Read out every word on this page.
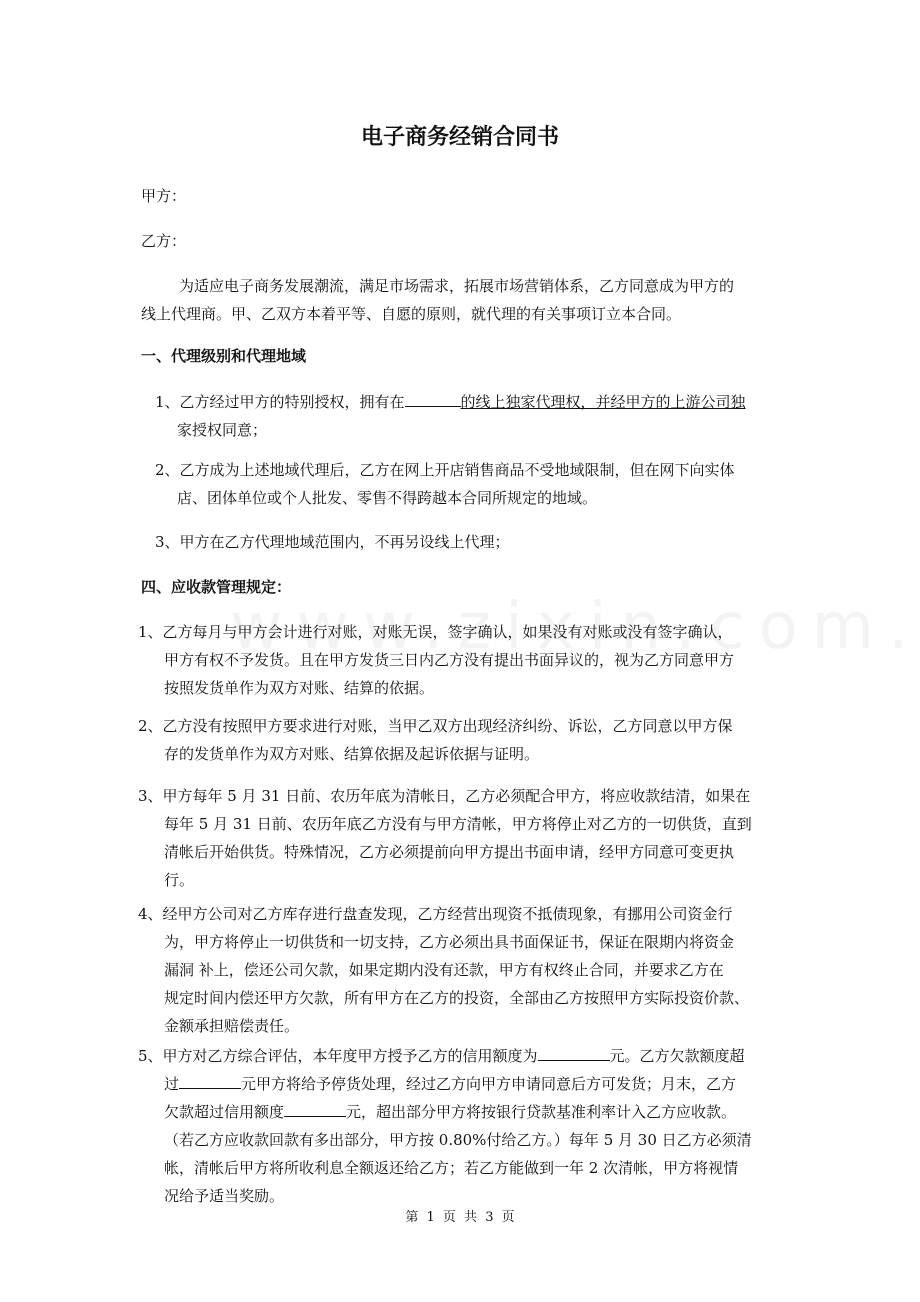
电子商务经销合同书
甲方：
乙方：
为适应电子商务发展潮流，满足市场需求，拓展市场营销体系，乙方同意成为甲方的
线上代理商。甲、乙双方本着平等、自愿的原则，就代理的有关事项订立本合同。
一、代理级别和代理地域
1、乙方经过甲方的特别授权，拥有在	的线上独家代理权，并经甲方的上游公司独
家授权同意；
2、乙方成为上述地域代理后，乙方在网上开店销售商品不受地域限制，但在网下向实体
店、团体单位或个人批发、零售不得跨越本合同所规定的地域。
3、甲方在乙方代理地域范围内，不再另设线上代理；
四、应收款管理规定：
1、乙方每月与甲方会计进行对账，对账无误，签字确认，如果没有对账或没有签字确认，
甲方有权不予发货。且在甲方发货三日内乙方没有提出书面异议的，视为乙方同意甲方
按照发货单作为双方对账、结算的依据。
2、乙方没有按照甲方要求进行对账，当甲乙双方出现经济纠纷、诉讼，乙方同意以甲方保
存的发货单作为双方对账、结算依据及起诉依据与证明。
3、甲方每年 5 月 31 日前、农历年底为清帐日，乙方必须配合甲方，将应收款结清，如果在
每年 5 月 31 日前、农历年底乙方没有与甲方清帐，甲方将停止对乙方的一切供货，直到
清帐后开始供货。特殊情况，乙方必须提前向甲方提出书面申请，经甲方同意可变更执
行。
4、经甲方公司对乙方库存进行盘查发现，乙方经营出现资不抵债现象，有挪用公司资金行
为，甲方将停止一切供货和一切支持，乙方必须出具书面保证书，保证在限期内将资金
漏洞 补上，偿还公司欠款，如果定期内没有还款，甲方有权终止合同，并要求乙方在
规定时间内偿还甲方欠款，所有甲方在乙方的投资，全部由乙方按照甲方实际投资价款、
金额承担赔偿责任。
5、甲方对乙方综合评估，本年度甲方授予乙方的信用额度为	元。乙方欠款额度超
过	元甲方将给予停货处理，经过乙方向甲方申请同意后方可发货；月末，乙方
欠款超过信用额度	元，超出部分甲方将按银行贷款基准利率计入乙方应收款。
（若乙方应收款回款有多出部分，甲方按 0.80%付给乙方。）每年 5 月 30 日乙方必须清
帐，清帐后甲方将所收利息全额返还给乙方；若乙方能做到一年 2 次清帐，甲方将视情
况给予适当奖励。
第 1 页 共 3 页
